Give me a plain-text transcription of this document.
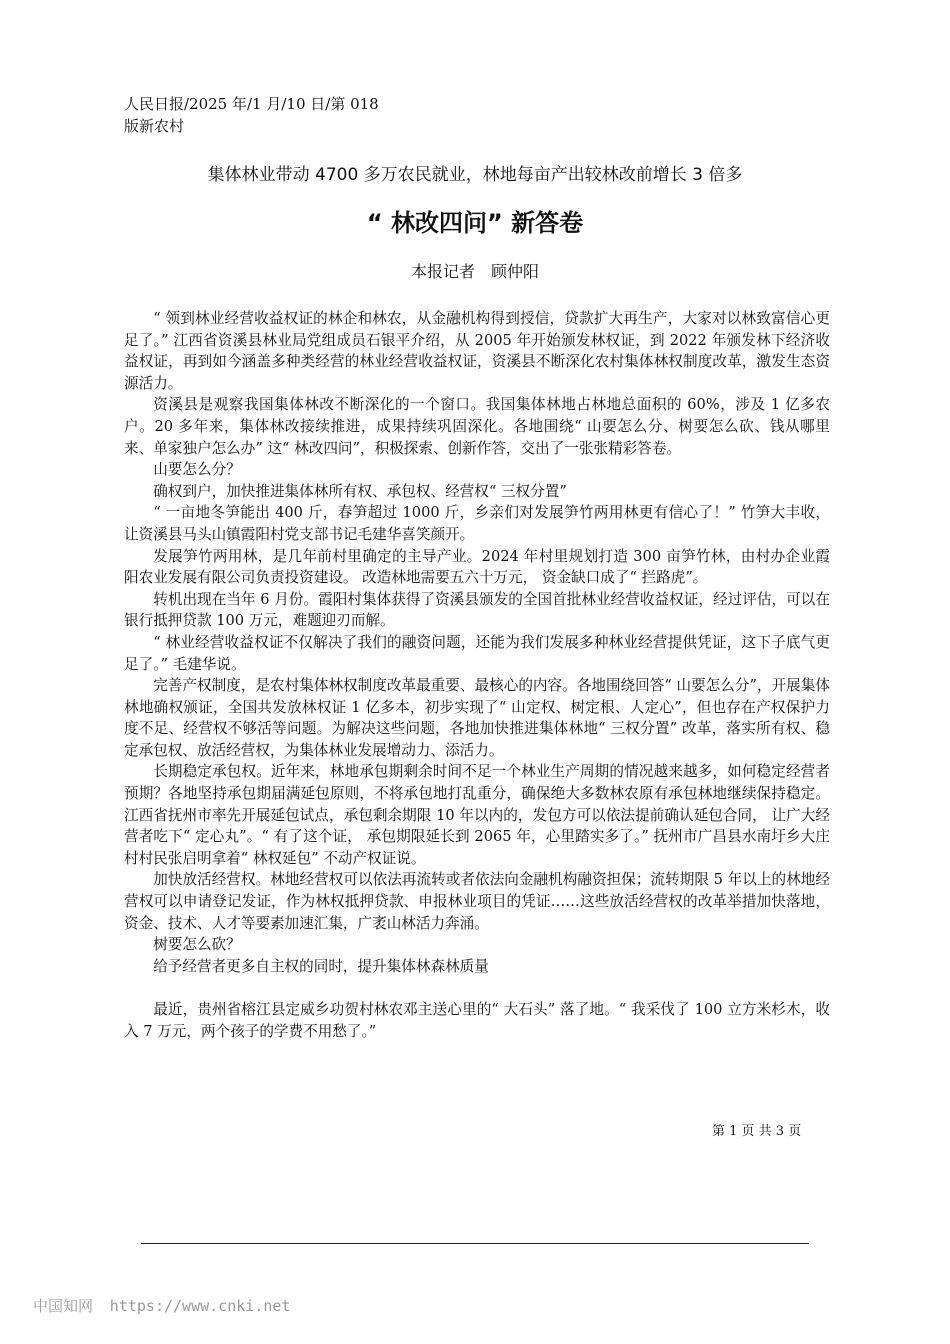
人民日报/2025 年/1 月/10 日/第 018
版新农村
集体林业带动 4700 多万农民就业，林地每亩产出较林改前增长 3 倍多
“ 林改四问” 新答卷
本报记者　顾仲阳

“ 领到林业经营收益权证的林企和林农，从金融机构得到授信，贷款扩大再生产，大家对以林致富信心更足了。” 江西省资溪县林业局党组成员石银平介绍，从 2005 年开始颁发林权证，到 2022 年颁发林下经济收益权证，再到如今涵盖多种类经营的林业经营收益权证，资溪县不断深化农村集体林权制度改革，激发生态资源活力。

资溪县是观察我国集体林改不断深化的一个窗口。我国集体林地占林地总面积的 60%，涉及 1 亿多农户。20 多年来，集体林改接续推进，成果持续巩固深化。各地围绕“ 山要怎么分、树要怎么砍、钱从哪里来、单家独户怎么办” 这“ 林改四问”，积极探索、创新作答，交出了一张张精彩答卷。

山要怎么分？

确权到户，加快推进集体林所有权、承包权、经营权“ 三权分置”

“ 一亩地冬笋能出 400 斤，春笋超过 1000 斤，乡亲们对发展笋竹两用林更有信心了！” 竹笋大丰收，让资溪县马头山镇霞阳村党支部书记毛建华喜笑颜开。

发展笋竹两用林，是几年前村里确定的主导产业。2024 年村里规划打造 300 亩笋竹林，由村办企业霞阳农业发展有限公司负责投资建设。 改造林地需要五六十万元， 资金缺口成了“ 拦路虎”。

转机出现在当年 6 月份。霞阳村集体获得了资溪县颁发的全国首批林业经营收益权证，经过评估，可以在银行抵押贷款 100 万元，难题迎刃而解。

“ 林业经营收益权证不仅解决了我们的融资问题，还能为我们发展多种林业经营提供凭证，这下子底气更足了。” 毛建华说。

完善产权制度，是农村集体林权制度改革最重要、最核心的内容。各地围绕回答“ 山要怎么分”，开展集体林地确权颁证，全国共发放林权证 1 亿多本，初步实现了“ 山定权、树定根、人定心”，但也存在产权保护力度不足、经营权不够活等问题。为解决这些问题，各地加快推进集体林地“ 三权分置” 改革，落实所有权、稳定承包权、放活经营权，为集体林业发展增动力、添活力。

长期稳定承包权。近年来，林地承包期剩余时间不足一个林业生产周期的情况越来越多，如何稳定经营者预期？各地坚持承包期届满延包原则，不将承包地打乱重分，确保绝大多数林农原有承包林地继续保持稳定。江西省抚州市率先开展延包试点，承包剩余期限 10 年以内的，发包方可以依法提前确认延包合同， 让广大经营者吃下“ 定心丸”。“ 有了这个证， 承包期限延长到 2065 年，心里踏实多了。” 抚州市广昌县水南圩乡大庄村村民张启明拿着“ 林权延包” 不动产权证说。

加快放活经营权。林地经营权可以依法再流转或者依法向金融机构融资担保；流转期限 5 年以上的林地经营权可以申请登记发证，作为林权抵押贷款、申报林业项目的凭证……这些放活经营权的改革举措加快落地，资金、技术、人才等要素加速汇集，广袤山林活力奔涌。

树要怎么砍？

给予经营者更多自主权的同时，提升集体林森林质量

最近，贵州省榕江县定威乡功贺村林农邓主送心里的“ 大石头” 落了地。“ 我采伐了 100 立方米杉木，收入 7 万元，两个孩子的学费不用愁了。”

第 1 页 共 3 页
中国知网 https://www.cnki.net
